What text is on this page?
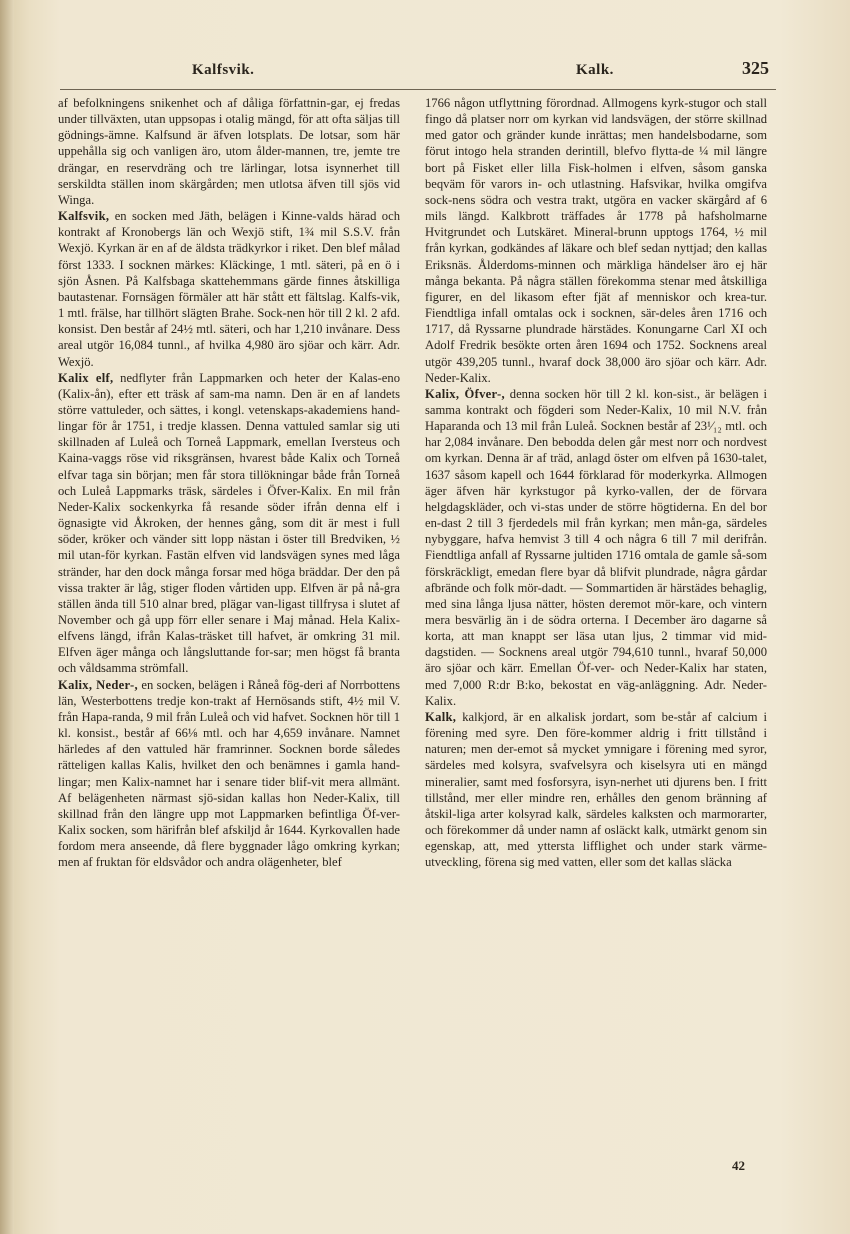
Kalfsvik.	Kalk.	325

af befolkningens snikenhet och af dåliga författnin-gar, ej fredas under tillväxten, utan uppsopas i otalig mängd, för att ofta säljas till gödnings-ämne. Kalfsund är äfven lotsplats. De lotsar, som här uppehålla sig och vanligen äro, utom ålder-mannen, tre, jemte tre drängar, en reservdräng och tre lärlingar, lotsa isynnerhet till serskildta ställen inom skärgården; men utlotsa äfven till sjös vid Winga.

Kalfsvik, en socken med Jäth, belägen i Kinne-valds härad och kontrakt af Kronobergs län och Wexjö stift, 1¾ mil S.S.V. från Wexjö. Kyrkan är en af de äldsta trädkyrkor i riket. Den blef målad först 1333. I socknen märkes: Kläckinge, 1 mtl. säteri, på en ö i sjön Åsnen. På Kalfsbaga skattehemmans gärde finnes åtskilliga bautastenar. Fornsägen förmäler att här stått ett fältslag. Kalfs-vik, 1 mtl. frälse, har tillhört slägten Brahe. Sock-nen hör till 2 kl. 2 afd. konsist. Den består af 24½ mtl. säteri, och har 1,210 invånare. Dess areal utgör 16,084 tunnl., af hvilka 4,980 äro sjöar och kärr. Adr. Wexjö.

Kalix elf, nedflyter från Lappmarken och heter der Kalas-eno (Kalix-ån), efter ett träsk af sam-ma namn. Den är en af landets större vattuleder, och sättes, i kongl. vetenskaps-akademiens hand-lingar för år 1751, i tredje klassen. Denna vattuled samlar sig uti skillnaden af Luleå och Torneå Lappmark, emellan Iversteus och Kaina-vaggs röse vid riksgränsen, hvarest både Kalix och Torneå elfvar taga sin början; men får stora tillökningar både från Torneå och Luleå Lappmarks träsk, särdeles i Öfver-Kalix. En mil från Neder-Kalix sockenkyrka få resande söder ifrån denna elf i ögnasigte vid Åkroken, der hennes gång, som dit är mest i full söder, kröker och vänder sitt lopp nästan i öster till Bredviken, ½ mil utan-för kyrkan. Fastän elfven vid landsvägen synes med låga stränder, har den dock många forsar med höga bräddar. Der den på vissa trakter är låg, stiger floden vårtiden upp. Elfven är på nå-gra ställen ända till 510 alnar bred, plägar van-ligast tillfrysa i slutet af November och gå upp förr eller senare i Maj månad. Hela Kalix-elfvens längd, ifrån Kalas-träsket till hafvet, är omkring 31 mil. Elfven äger många och långsluttande for-sar; men högst få branta och våldsamma strömfall.

Kalix, Neder-, en socken, belägen i Råneå fög-deri af Norrbottens län, Westerbottens tredje kon-trakt af Hernösands stift, 4½ mil V. från Hapa-randa, 9 mil från Luleå och vid hafvet. Socknen hör till 1 kl. konsist., består af 66⅛ mtl. och har 4,659 invånare. Namnet härledes af den vattuled här framrinner. Socknen borde således rätteligen kallas Kalis, hvilket den och benämnes i gamla hand-lingar; men Kalix-namnet har i senare tider blif-vit mera allmänt. Af belägenheten närmast sjö-sidan kallas hon Neder-Kalix, till skillnad från den längre upp mot Lappmarken befintliga Öf-ver-Kalix socken, som härifrån blef afskiljd år 1644. Kyrkovallen hade fordom mera anseende, då flere byggnader lågo omkring kyrkan; men af fruktan för eldsvådor och andra olägenheter, blef

1766 någon utflyttning förordnad. Allmogens kyrk-stugor och stall fingo då platser norr om kyrkan vid landsvägen, der större skillnad med gator och gränder kunde inrättas; men handelsbodarne, som förut intogo hela stranden derintill, blefvo flytta-de ¼ mil längre bort på Fisket eller lilla Fisk-holmen i elfven, såsom ganska beqväm för varors in- och utlastning. Hafsvikar, hvilka omgifva sock-nens södra och vestra trakt, utgöra en vacker skärgård af 6 mils längd. Kalkbrott träffades år 1778 på hafsholmarne Hvitgrundet och Lutskäret. Mineral-brunn upptogs 1764, ½ mil från kyrkan, godkändes af läkare och blef sedan nyttjad; den kallas Eriksnäs. Ålderdoms-minnen och märkliga händelser äro ej här många bekanta. På några ställen förekomma stenar med åtskilliga figurer, en del likasom efter fjät af menniskor och krea-tur. Fiendtliga infall omtalas ock i socknen, sär-deles åren 1716 och 1717, då Ryssarne plundrade härstädes. Konungarne Carl XI och Adolf Fredrik besökte orten åren 1694 och 1752. Socknens areal utgör 439,205 tunnl., hvaraf dock 38,000 äro sjöar och kärr. Adr. Neder-Kalix.

Kalix, Öfver-, denna socken hör till 2 kl. kon-sist., är belägen i samma kontrakt och fögderi som Neder-Kalix, 10 mil N.V. från Haparanda och 13 mil från Luleå. Socknen består af 23¹⁄₁₂ mtl. och har 2,084 invånare. Den bebodda delen går mest norr och nordvest om kyrkan. Denna är af träd, anlagd öster om elfven på 1630-talet, 1637 såsom kapell och 1644 förklarad för moderkyrka. Allmogen äger äfven här kyrkstugor på kyrko-vallen, der de förvara helgdagskläder, och vi-stas under de större högtiderna. En del bor en-dast 2 till 3 fjerdedels mil från kyrkan; men mån-ga, särdeles nybyggare, hafva hemvist 3 till 4 och några 6 till 7 mil derifrån. Fiendtliga anfall af Ryssarne jultiden 1716 omtala de gamle så-som förskräckligt, emedan flere byar då blifvit plundrade, några gårdar afbrände och folk mör-dadt. — Sommartiden är härstädes behaglig, med sina långa ljusa nätter, hösten deremot mör-kare, och vintern mera besvärlig än i de södra orterna. I December äro dagarne så korta, att man knappt ser läsa utan ljus, 2 timmar vid mid-dagstiden. — Socknens areal utgör 794,610 tunnl., hvaraf 50,000 äro sjöar och kärr. Emellan Öf-ver- och Neder-Kalix har staten, med 7,000 R:dr B:ko, bekostat en väg-anläggning. Adr. Neder-Kalix.

Kalk, kalkjord, är en alkalisk jordart, som be-står af calcium i förening med syre. Den före-kommer aldrig i fritt tillstånd i naturen; men der-emot så mycket ymnigare i förening med syror, särdeles med kolsyra, svafvelsyra och kiselsyra uti en mängd mineralier, samt med fosforsyra, isyn-nerhet uti djurens ben. I fritt tillstånd, mer eller mindre ren, erhålles den genom bränning af åtskil-liga arter kolsyrad kalk, särdeles kalksten och marmorarter, och förekommer då under namn af osläckt kalk, utmärkt genom sin egenskap, att, med yttersta lifflighet och under stark värme-utveckling, förena sig med vatten, eller som det kallas släcka

42
